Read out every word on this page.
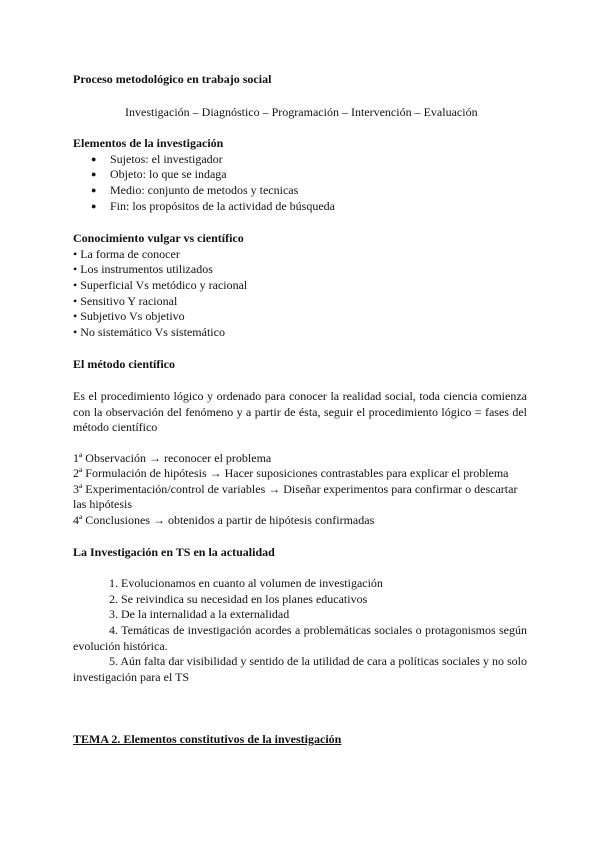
Proceso metodológico en trabajo social

Investigación – Diagnóstico – Programación – Intervención – Evaluación

Elementos de la investigación
● Sujetos: el investigador
● Objeto: lo que se indaga
● Medio: conjunto de metodos y tecnicas
● Fin: los propósitos de la actividad de búsqueda
Conocimiento vulgar vs científico
• La forma de conocer
• Los instrumentos utilizados
• Superficial Vs metódico y racional
• Sensitivo Y racional
• Subjetivo Vs objetivo
• No sistemático Vs sistemático
El método científico

Es el procedimiento lógico y ordenado para conocer la realidad social, toda ciencia comienza con la observación del fenómeno y a partir de ésta, seguir el procedimiento lógico = fases del método científico

1ª Observación → reconocer el problema

2ª Formulación de hipótesis → Hacer suposiciones contrastables para explicar el problema

3ª Experimentación/control de variables → Diseñar experimentos para confirmar o descartar las hipótesis

4ª Conclusiones → obtenidos a partir de hipótesis confirmadas

La Investigación en TS en la actualidad
1. Evolucionamos en cuanto al volumen de investigación
2. Se reivindica su necesidad en los planes educativos
3. De la internalidad a la externalidad
4. Temáticas de investigación acordes a problemáticas sociales o protagonismos según evolución histórica.
5. Aún falta dar visibilidad y sentido de la utilidad de cara a políticas sociales y no solo investigación para el TS
TEMA 2. Elementos constitutivos de la investigación
